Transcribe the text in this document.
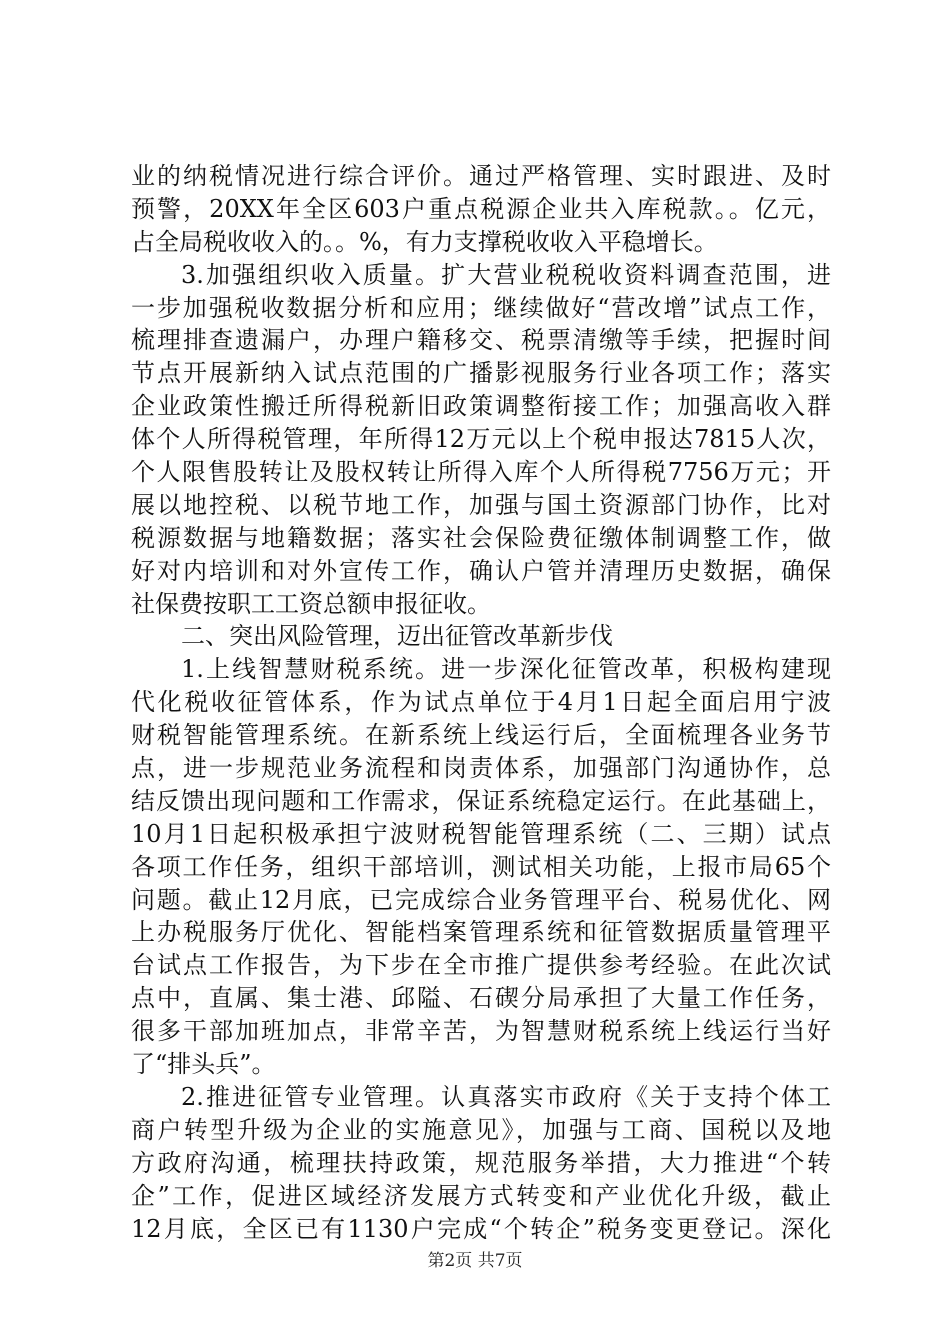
业的纳税情况进行综合评价。通过严格管理、实时跟进、及时
预警，20XX年全区603户重点税源企业共入库税款。。亿元，
占全局税收收入的。。%，有力支撑税收收入平稳增长。
3.加强组织收入质量。扩大营业税税收资料调查范围，进
一步加强税收数据分析和应用；继续做好“营改增”试点工作，
梳理排查遗漏户，办理户籍移交、税票清缴等手续，把握时间
节点开展新纳入试点范围的广播影视服务行业各项工作；落实
企业政策性搬迁所得税新旧政策调整衔接工作；加强高收入群
体个人所得税管理，年所得12万元以上个税申报达7815人次，
个人限售股转让及股权转让所得入库个人所得税7756万元；开
展以地控税、以税节地工作，加强与国土资源部门协作，比对
税源数据与地籍数据；落实社会保险费征缴体制调整工作，做
好对内培训和对外宣传工作，确认户管并清理历史数据，确保
社保费按职工工资总额申报征收。
二、突出风险管理，迈出征管改革新步伐
1.上线智慧财税系统。进一步深化征管改革，积极构建现
代化税收征管体系，作为试点单位于4月1日起全面启用宁波
财税智能管理系统。在新系统上线运行后，全面梳理各业务节
点，进一步规范业务流程和岗责体系，加强部门沟通协作，总
结反馈出现问题和工作需求，保证系统稳定运行。在此基础上，
10月1日起积极承担宁波财税智能管理系统（二、三期）试点
各项工作任务，组织干部培训，测试相关功能，上报市局65个
问题。截止12月底，已完成综合业务管理平台、税易优化、网
上办税服务厅优化、智能档案管理系统和征管数据质量管理平
台试点工作报告，为下步在全市推广提供参考经验。在此次试
点中，直属、集士港、邱隘、石碶分局承担了大量工作任务，
很多干部加班加点，非常辛苦，为智慧财税系统上线运行当好
了“排头兵”。
2.推进征管专业管理。认真落实市政府《关于支持个体工
商户转型升级为企业的实施意见》，加强与工商、国税以及地
方政府沟通，梳理扶持政策，规范服务举措，大力推进“个转
企”工作，促进区域经济发展方式转变和产业优化升级，截止
12月底，全区已有1130户完成“个转企”税务变更登记。深化
第2页 共7页
